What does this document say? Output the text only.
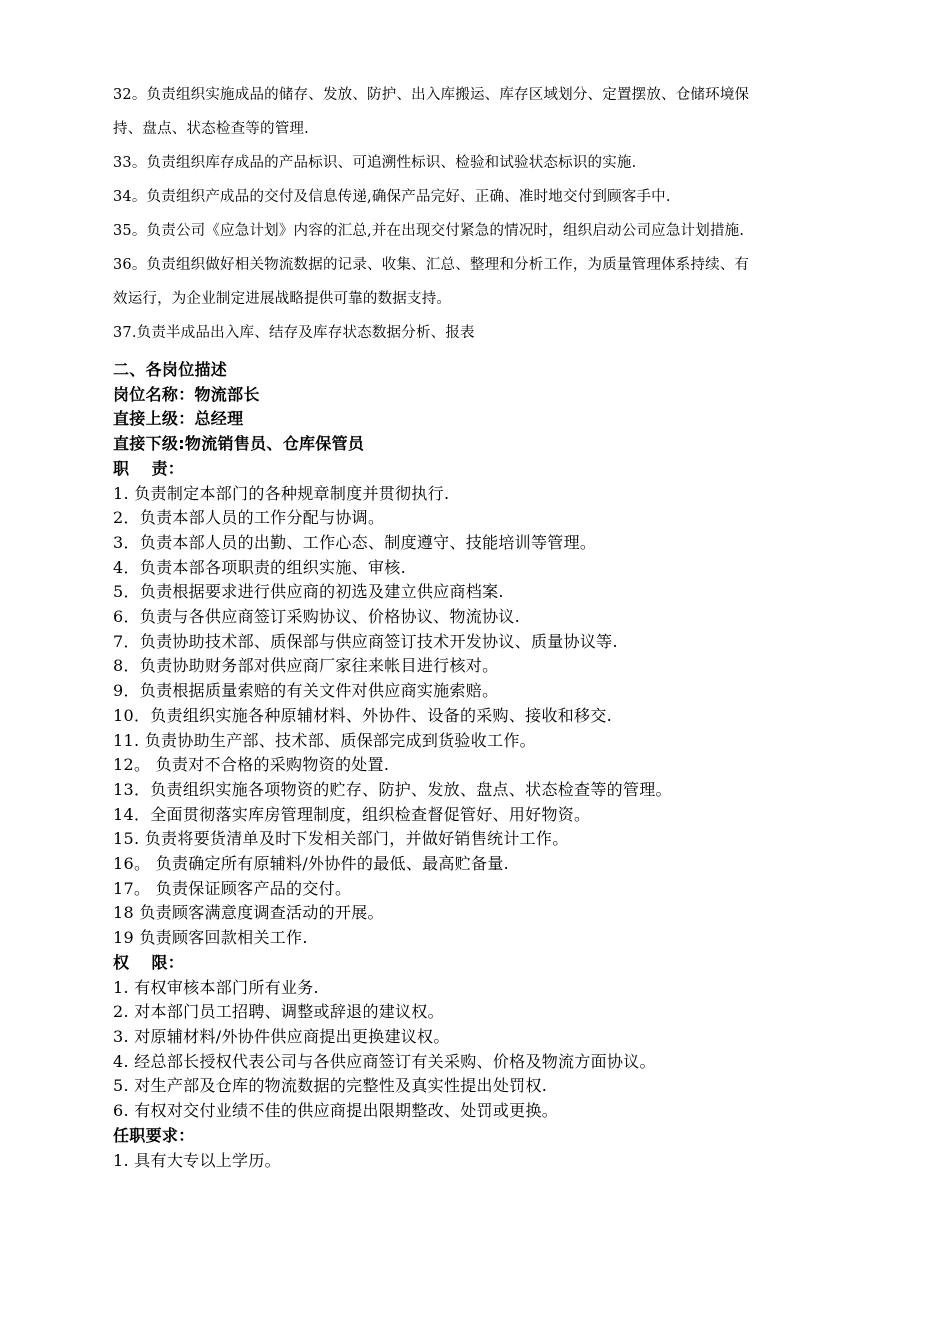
32。负责组织实施成品的储存、发放、防护、出入库搬运、库存区域划分、定置摆放、仓储环境保

持、盘点、状态检查等的管理.

33。负责组织库存成品的产品标识、可追溯性标识、检验和试验状态标识的实施.

34。负责组织产成品的交付及信息传递,确保产品完好、正确、准时地交付到顾客手中.

35。负责公司《应急计划》内容的汇总,并在出现交付紧急的情况时，组织启动公司应急计划措施.

36。负责组织做好相关物流数据的记录、收集、汇总、整理和分析工作，为质量管理体系持续、有

效运行，为企业制定进展战略提供可靠的数据支持。

37.负责半成品出入库、结存及库存状态数据分析、报表

二、各岗位描述
岗位名称：物流部长
直接上级：总经理
直接下级:物流销售员、仓库保管员
职　 责：
1. 负责制定本部门的各种规章制度并贯彻执行.
2．负责本部人员的工作分配与协调。
3．负责本部人员的出勤、工作心态、制度遵守、技能培训等管理。
4．负责本部各项职责的组织实施、审核.
5．负责根据要求进行供应商的初选及建立供应商档案.
6．负责与各供应商签订采购协议、价格协议、物流协议.
7．负责协助技术部、质保部与供应商签订技术开发协议、质量协议等.
8．负责协助财务部对供应商厂家往来帐目进行核对。
9．负责根据质量索赔的有关文件对供应商实施索赔。
10．负责组织实施各种原辅材料、外协件、设备的采购、接收和移交.
11. 负责协助生产部、技术部、质保部完成到货验收工作。
12。 负责对不合格的采购物资的处置.
13．负责组织实施各项物资的贮存、防护、发放、盘点、状态检查等的管理。
14．全面贯彻落实库房管理制度，组织检查督促管好、用好物资。
15. 负责将要货清单及时下发相关部门，并做好销售统计工作。
16。 负责确定所有原辅料/外协件的最低、最高贮备量.
17。 负责保证顾客产品的交付。
18 负责顾客满意度调查活动的开展。
19 负责顾客回款相关工作.
权　 限：
1. 有权审核本部门所有业务.
2. 对本部门员工招聘、调整或辞退的建议权。
3. 对原辅材料/外协件供应商提出更换建议权。
4. 经总部长授权代表公司与各供应商签订有关采购、价格及物流方面协议。
5. 对生产部及仓库的物流数据的完整性及真实性提出处罚权.
6. 有权对交付业绩不佳的供应商提出限期整改、处罚或更换。
任职要求：
1. 具有大专以上学历。
